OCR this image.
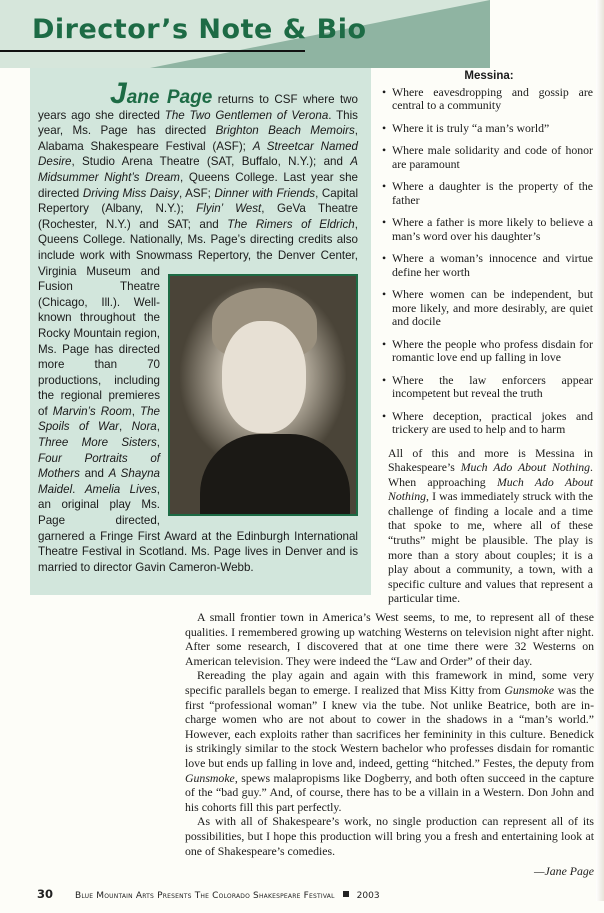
Director’s Note & Bio
Jane Page returns to CSF where two years ago she directed The Two Gentlemen of Verona. This year, Ms. Page has directed Brighton Beach Memoirs, Alabama Shakespeare Festival (ASF); A Streetcar Named Desire, Studio Arena Theatre (SAT, Buffalo, N.Y.); and A Midsummer Night’s Dream, Queens College. Last year she directed Driving Miss Daisy, ASF; Dinner with Friends, Capital Repertory (Albany, N.Y.); Flyin’ West, GeVa Theatre (Rochester, N.Y.) and SAT; and The Rimers of Eldrich, Queens College. Nationally, Ms. Page’s directing credits also include work with Snowmass Repertory, the Denver Center, Virginia Museum and Fusion Theatre (Chicago, Ill.). Well-known throughout the Rocky Mountain region, Ms. Page has directed more	than 70 productions, including the regional premieres of Marvin’s Room, The Spoils of War, Nora, Three More Sisters, Four Portraits of Mothers and A Shayna Maidel. Amelia Lives, an original play Ms. Page directed, garnered a Fringe First Award at the Edinburgh International Theatre Festival in Scotland. Ms. Page lives in Denver and is married to director Gavin Cameron-Webb.
Messina:
• Where eavesdropping and gossip are central to a community
• Where it is truly “a man’s world”
• Where male solidarity and code of honor are paramount
• Where a daughter is the property of the father
• Where a father is more likely to believe a man’s word over his daughter’s
• Where a woman’s innocence and virtue define her worth
• Where women can be independent, but more likely, and more desirably, are quiet and docile
• Where the people who profess disdain for romantic love end up falling in love
• Where the law enforcers appear incompetent but reveal the truth
• Where deception, practical jokes and trickery are used to help and to harm

All of this and more is Messina in Shakespeare’s Much Ado About Nothing. When approaching Much Ado About Nothing, I was immediately struck with the challenge of finding a locale and a time that spoke to me, where all of these “truths” might be plausible. The play is more than a story about couples; it is a play about a community, a town, with a specific culture and values that represent a particular time.

A small frontier town in America’s West seems, to me, to represent all of these qualities. I remembered growing up watching Westerns on television night after night. After some research, I discovered that at one time there were 32 Westerns on American television. They were indeed the “Law and Order” of their day.

Rereading the play again and again with this framework in mind, some very specific parallels began to emerge. I realized that Miss Kitty from Gunsmoke was the first “professional woman” I knew via the tube. Not unlike Beatrice, both are in-charge women who are not about to cower in the shadows in a “man’s world.” However, each exploits rather than sacrifices her femininity in this culture. Benedick is strikingly similar to the stock Western bachelor who professes disdain for romantic love but ends up falling in love and, indeed, getting “hitched.” Festes, the deputy from Gunsmoke, spews malapropisms like Dogberry, and both often succeed in the capture of the “bad guy.” And, of course, there has to be a villain in a Western. Don John and his cohorts fill this part perfectly.

As with all of Shakespeare’s work, no single production can represent all of its possibilities, but I hope this production will bring you a fresh and entertaining look at one of Shakespeare’s comedies.

—Jane Page
30 Blue Mountain Arts Presents The Colorado Shakespeare Festival 2003
